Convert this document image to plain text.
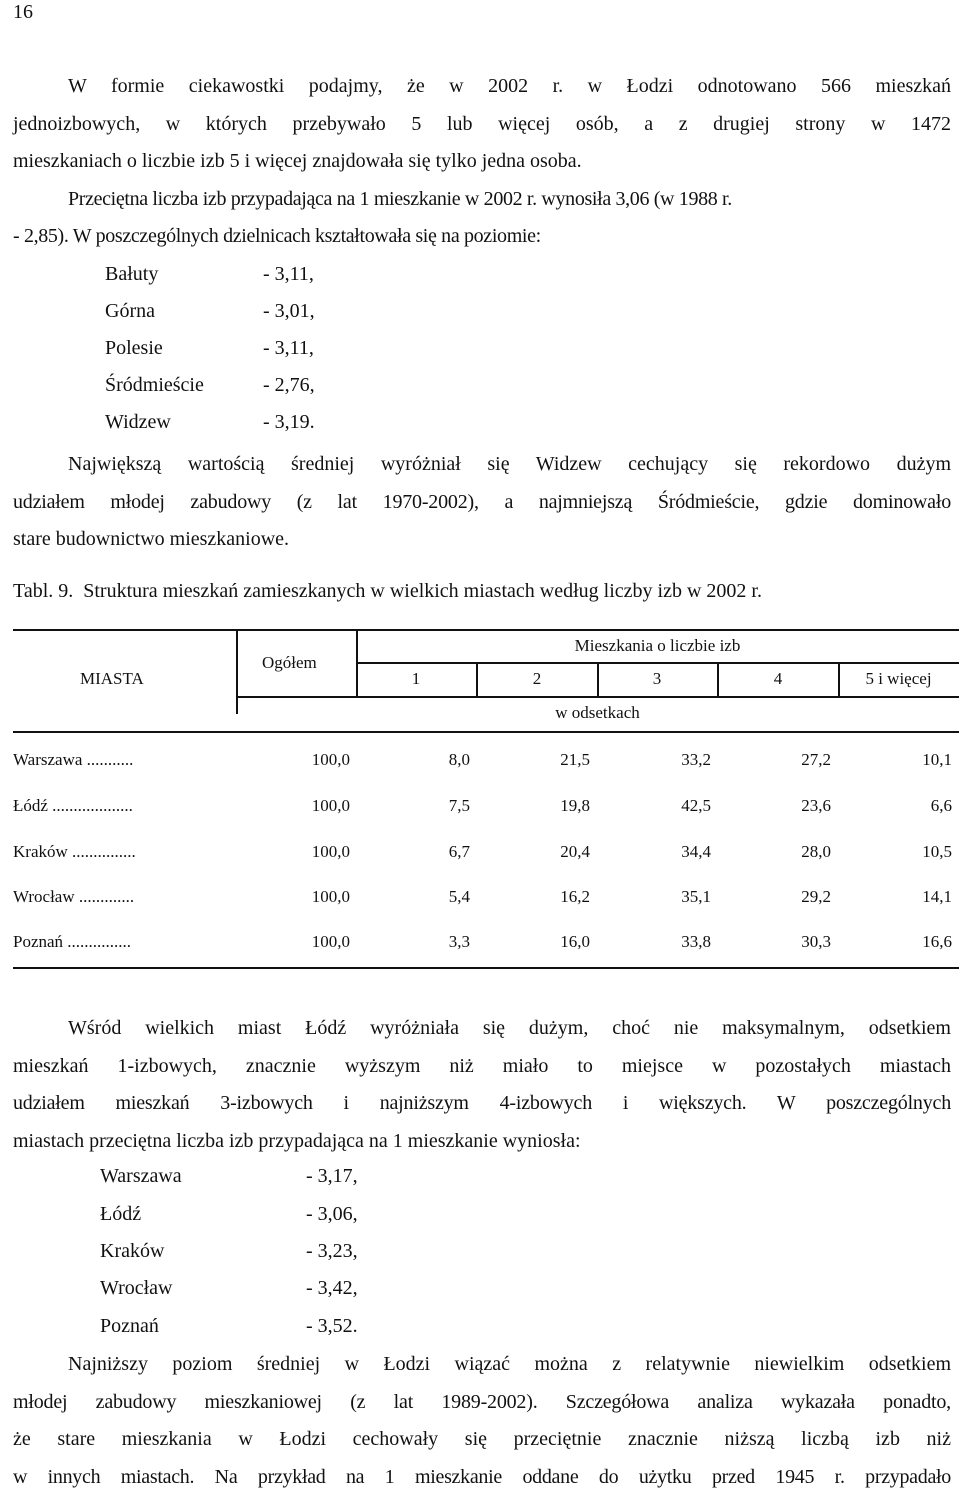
16
W formie ciekawostki podajmy, że w 2002 r. w Łodzi odnotowano 566 mieszkań
jednoizbowych, w których przebywało 5 lub więcej osób, a z drugiej strony w 1472
mieszkaniach o liczbie izb 5 i więcej znajdowała się tylko jedna osoba.
Przeciętna liczba izb przypadająca na 1 mieszkanie w 2002 r. wynosiła 3,06 (w 1988 r.
- 2,85). W poszczególnych dzielnicach kształtowała się na poziomie:
Bałuty	- 3,11,
Górna	- 3,01,
Polesie	- 3,11,
Śródmieście	- 2,76,
Widzew	- 3,19.
Największą wartością średniej wyróżniał się Widzew cechujący się rekordowo dużym
udziałem młodej zabudowy (z lat 1970-2002), a najmniejszą Śródmieście, gdzie dominowało
stare budownictwo mieszkaniowe.
Tabl. 9.  Struktura mieszkań zamieszkanych w wielkich miastach według liczby izb w 2002 r.
MIASTA
Ogółem
Mieszkania o liczbie izb
1	2	3	4	5 i więcej
w odsetkach
Warszawa ...........	100,0	8,0	21,5	33,2	27,2	10,1
Łódź ...................	100,0	7,5	19,8	42,5	23,6	6,6
Kraków ...............	100,0	6,7	20,4	34,4	28,0	10,5
Wrocław .............	100,0	5,4	16,2	35,1	29,2	14,1
Poznań ...............	100,0	3,3	16,0	33,8	30,3	16,6
Wśród wielkich miast Łódź wyróżniała się dużym, choć nie maksymalnym, odsetkiem
mieszkań 1-izbowych, znacznie wyższym niż miało to miejsce w pozostałych miastach
udziałem mieszkań 3-izbowych i najniższym 4-izbowych i większych. W poszczególnych
miastach przeciętna liczba izb przypadająca na 1 mieszkanie wyniosła:
Warszawa	- 3,17,
Łódź	- 3,06,
Kraków	- 3,23,
Wrocław	- 3,42,
Poznań	- 3,52.
Najniższy poziom średniej w Łodzi wiązać można z relatywnie niewielkim odsetkiem
młodej zabudowy mieszkaniowej (z lat 1989-2002). Szczegółowa analiza wykazała ponadto,
że stare mieszkania w Łodzi cechowały się przeciętnie znacznie niższą liczbą izb niż
w innych miastach. Na przykład na 1 mieszkanie oddane do użytku przed 1945 r. przypadało
